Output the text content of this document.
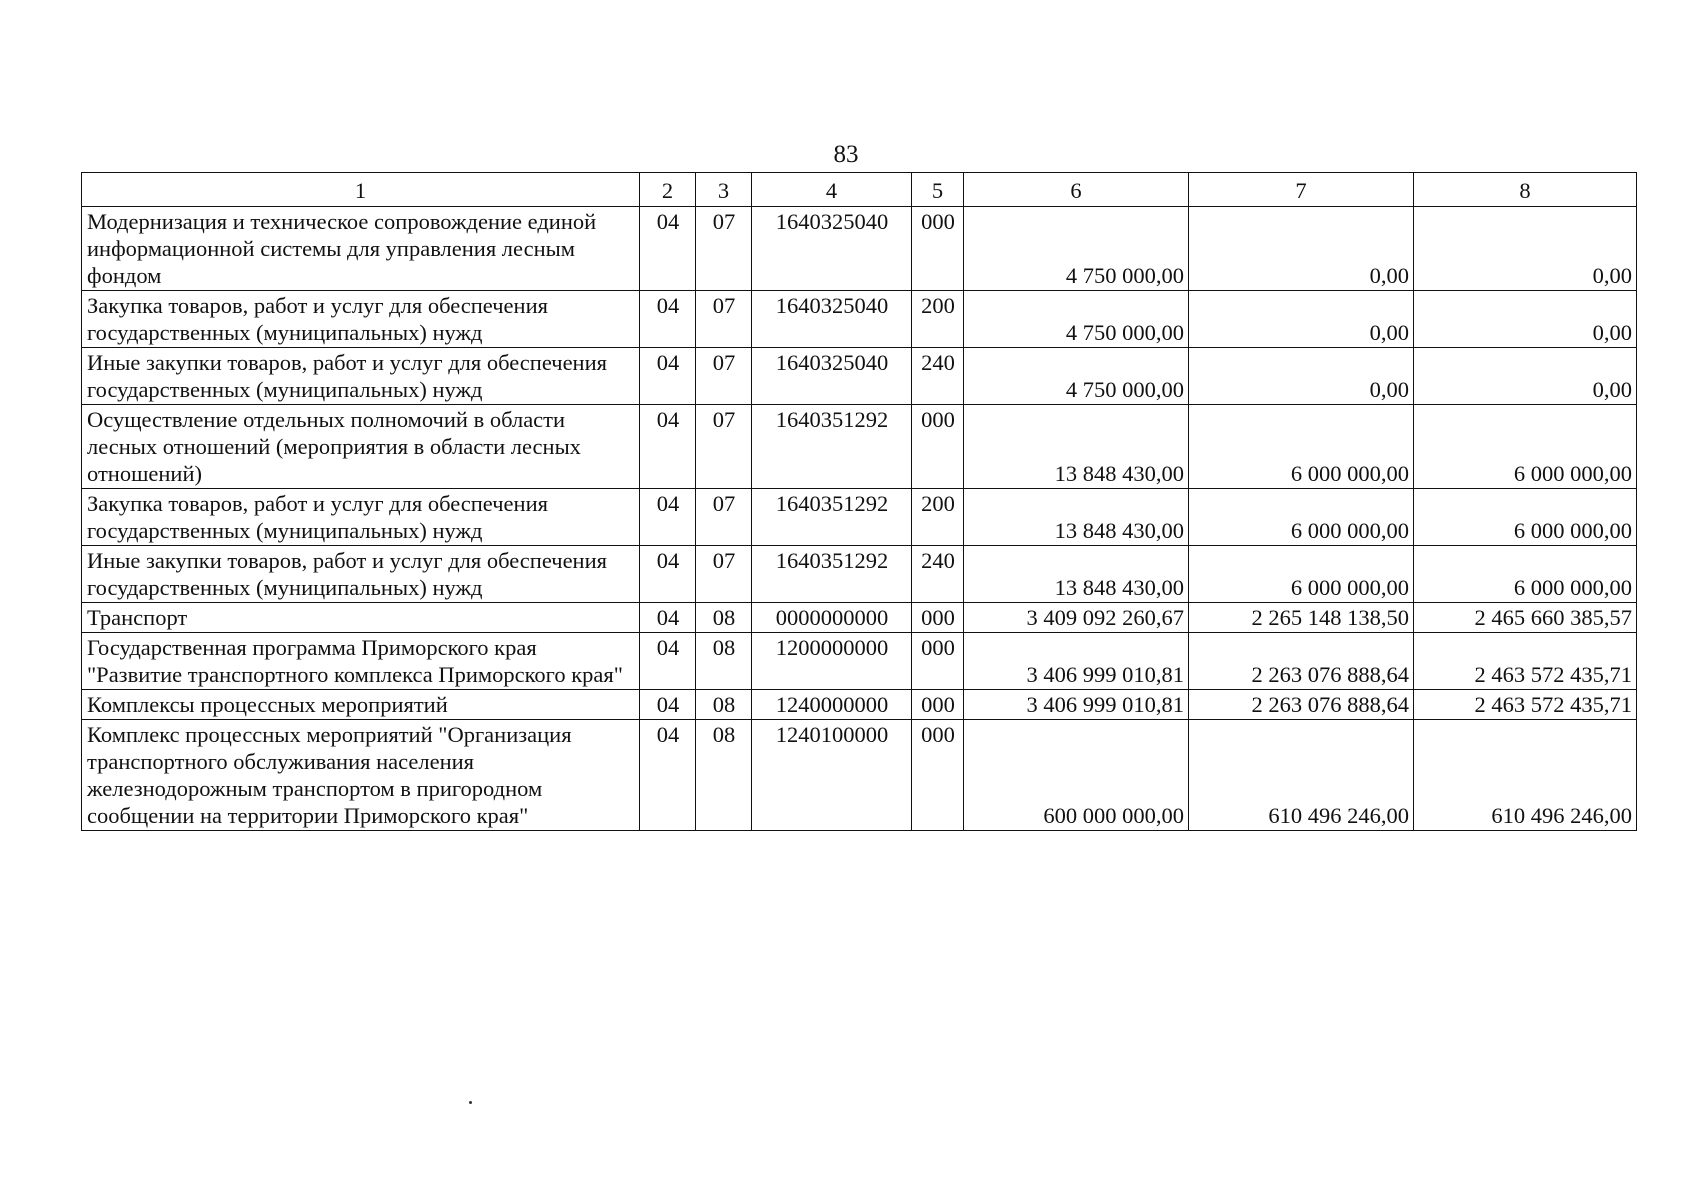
83
1	2	3	4	5	6	7	8
Модернизация и техническое сопровождение единой информационной системы для управления лесным фондом	04	07	1640325040	000	4 750 000,00	0,00	0,00
Закупка товаров, работ и услуг для обеспечения государственных (муниципальных) нужд	04	07	1640325040	200	4 750 000,00	0,00	0,00
Иные закупки товаров, работ и услуг для обеспечения государственных (муниципальных) нужд	04	07	1640325040	240	4 750 000,00	0,00	0,00
Осуществление отдельных полномочий в области лесных отношений (мероприятия в области лесных отношений)	04	07	1640351292	000	13 848 430,00	6 000 000,00	6 000 000,00
Закупка товаров, работ и услуг для обеспечения государственных (муниципальных) нужд	04	07	1640351292	200	13 848 430,00	6 000 000,00	6 000 000,00
Иные закупки товаров, работ и услуг для обеспечения государственных (муниципальных) нужд	04	07	1640351292	240	13 848 430,00	6 000 000,00	6 000 000,00
Транспорт	04	08	0000000000	000	3 409 092 260,67	2 265 148 138,50	2 465 660 385,57
Государственная программа Приморского края "Развитие транспортного комплекса Приморского края"	04	08	1200000000	000	3 406 999 010,81	2 263 076 888,64	2 463 572 435,71
Комплексы процессных мероприятий	04	08	1240000000	000	3 406 999 010,81	2 263 076 888,64	2 463 572 435,71
Комплекс процессных мероприятий "Организация транспортного обслуживания населения железнодорожным транспортом в пригородном сообщении на территории Приморского края"	04	08	1240100000	000	600 000 000,00	610 496 246,00	610 496 246,00
